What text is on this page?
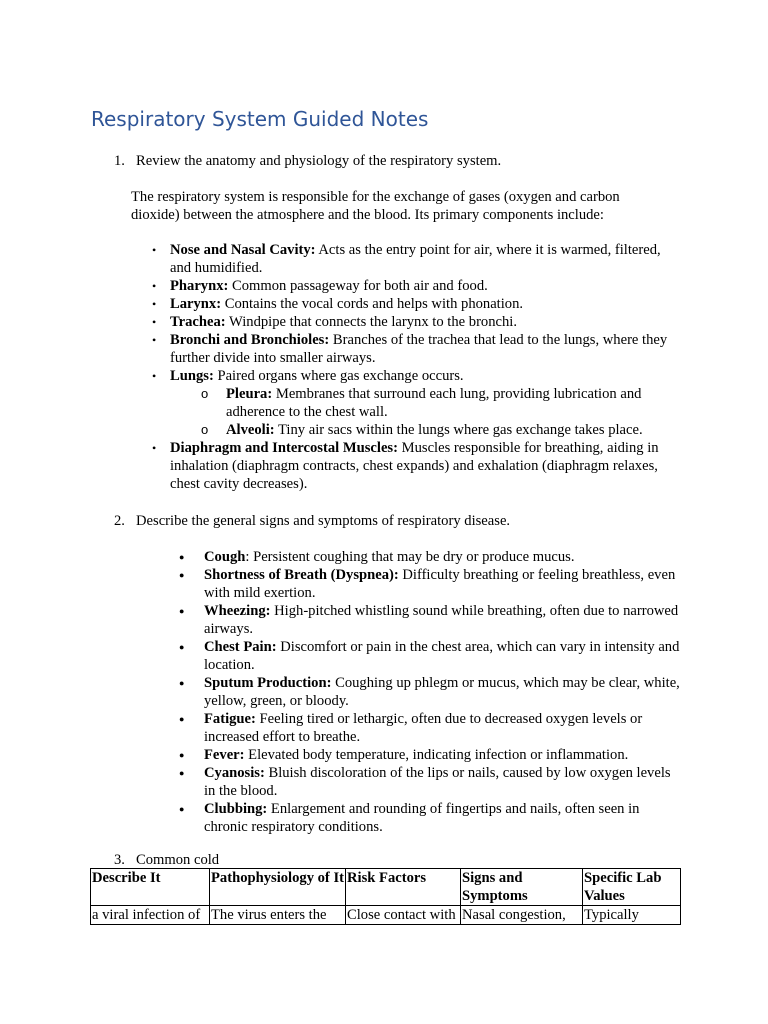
Respiratory System Guided Notes
1. Review the anatomy and physiology of the respiratory system.
The respiratory system is responsible for the exchange of gases (oxygen and carbon dioxide) between the atmosphere and the blood. Its primary components include:
• Nose and Nasal Cavity: Acts as the entry point for air, where it is warmed, filtered, and humidified.
• Pharynx: Common passageway for both air and food.
• Larynx: Contains the vocal cords and helps with phonation.
• Trachea: Windpipe that connects the larynx to the bronchi.
• Bronchi and Bronchioles: Branches of the trachea that lead to the lungs, where they further divide into smaller airways.
• Lungs: Paired organs where gas exchange occurs.
o Pleura: Membranes that surround each lung, providing lubrication and adherence to the chest wall.
o Alveoli: Tiny air sacs within the lungs where gas exchange takes place.
• Diaphragm and Intercostal Muscles: Muscles responsible for breathing, aiding in inhalation (diaphragm contracts, chest expands) and exhalation (diaphragm relaxes, chest cavity decreases).
2. Describe the general signs and symptoms of respiratory disease.
● Cough: Persistent coughing that may be dry or produce mucus.
● Shortness of Breath (Dyspnea): Difficulty breathing or feeling breathless, even with mild exertion.
● Wheezing: High-pitched whistling sound while breathing, often due to narrowed airways.
● Chest Pain: Discomfort or pain in the chest area, which can vary in intensity and location.
● Sputum Production: Coughing up phlegm or mucus, which may be clear, white, yellow, green, or bloody.
● Fatigue: Feeling tired or lethargic, often due to decreased oxygen levels or increased effort to breathe.
● Fever: Elevated body temperature, indicating infection or inflammation.
● Cyanosis: Bluish discoloration of the lips or nails, caused by low oxygen levels in the blood.
● Clubbing: Enlargement and rounding of fingertips and nails, often seen in chronic respiratory conditions.
3. Common cold
Describe It	Pathophysiology of It	Risk Factors	Signs and Symptoms	Specific Lab Values
a viral infection of	The virus enters the	Close contact with	Nasal congestion,	Typically
